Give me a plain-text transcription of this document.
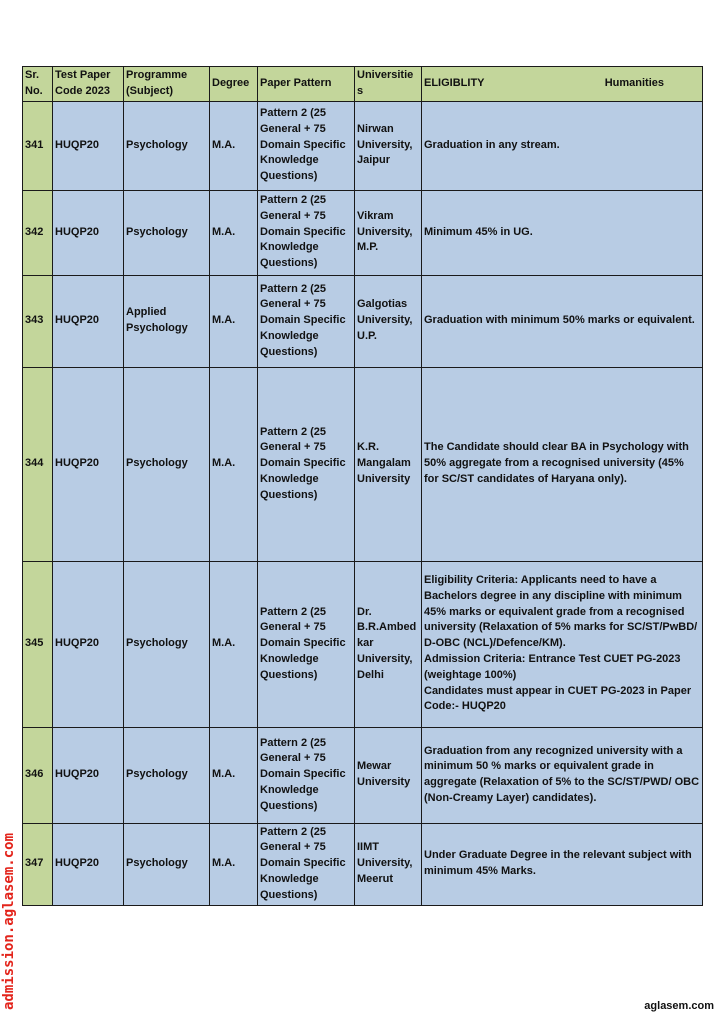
Sr. No.	Test Paper Code 2023	Programme (Subject)	Degree	Paper Pattern	Universities	ELIGIBLITY Humanities

341	HUQP20	Psychology	M.A.	Pattern 2 (25 General + 75 Domain Specific Knowledge Questions)	Nirwan University, Jaipur	Graduation in any stream.

342	HUQP20	Psychology	M.A.	Pattern 2 (25 General + 75 Domain Specific Knowledge Questions)	Vikram University, M.P.	Minimum 45% in UG.

343	HUQP20	Applied Psychology	M.A.	Pattern 2 (25 General + 75 Domain Specific Knowledge Questions)	Galgotias University, U.P.	Graduation with minimum 50% marks or equivalent.

344	HUQP20	Psychology	M.A.	Pattern 2 (25 General + 75 Domain Specific Knowledge Questions)	K.R. Mangalam University	The Candidate should clear BA in Psychology with 50% aggregate from a recognised university (45% for SC/ST candidates of Haryana only).

345	HUQP20	Psychology	M.A.	Pattern 2 (25 General + 75 Domain Specific Knowledge Questions)	Dr. B.R.Ambedkar University, Delhi	Eligibility Criteria: Applicants need to have a Bachelors degree in any discipline with minimum 45% marks or equivalent grade from a recognised university (Relaxation of 5% marks for SC/ST/PwBD/ D-OBC (NCL)/Defence/KM).
Admission Criteria: Entrance Test CUET PG-2023 (weightage 100%)
Candidates must appear in CUET PG-2023 in Paper Code:- HUQP20

346	HUQP20	Psychology	M.A.	Pattern 2 (25 General + 75 Domain Specific Knowledge Questions)	Mewar University	Graduation from any recognized university with a minimum 50 % marks or equivalent grade in aggregate (Relaxation of 5% to the SC/ST/PWD/ OBC (Non-Creamy Layer) candidates).

347	HUQP20	Psychology	M.A.	Pattern 2 (25 General + 75 Domain Specific Knowledge Questions)	IIMT University, Meerut	Under Graduate Degree in the relevant subject with minimum 45% Marks.
admission.aglasem.com	aglasem.com
